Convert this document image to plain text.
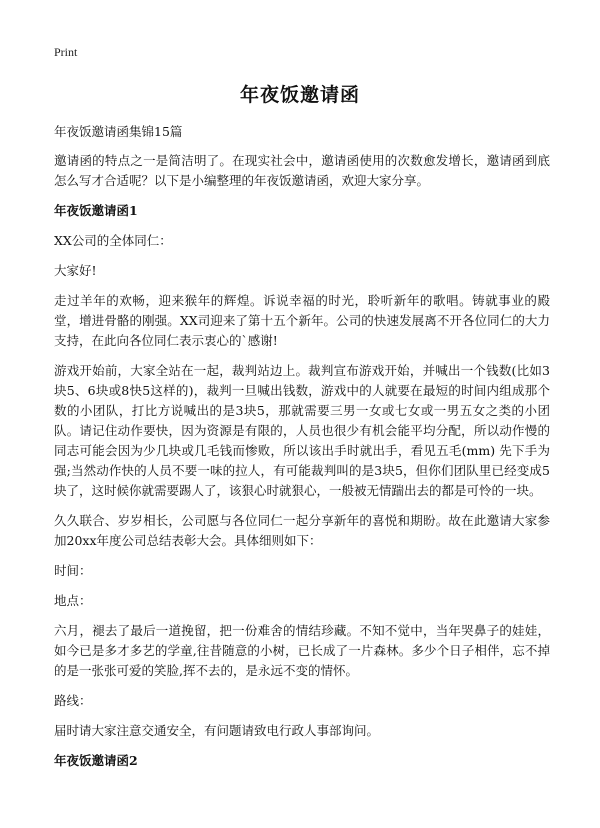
Print
年夜饭邀请函

年夜饭邀请函集锦15篇

邀请函的特点之一是简洁明了。在现实社会中，邀请函使用的次数愈发增长，邀请函到底怎么写才合适呢？以下是小编整理的年夜饭邀请函，欢迎大家分享。

年夜饭邀请函1

XX公司的全体同仁：

大家好!

走过羊年的欢畅，迎来猴年的辉煌。诉说幸福的时光，聆听新年的歌唱。铸就事业的殿堂，增进骨骼的刚强。XX司迎来了第十五个新年。公司的快速发展离不开各位同仁的大力支持，在此向各位同仁表示衷心的`感谢!

游戏开始前，大家全站在一起，裁判站边上。裁判宣布游戏开始，并喊出一个钱数(比如3块5、6块或8快5这样的)，裁判一旦喊出钱数，游戏中的人就要在最短的时间内组成那个数的小团队，打比方说喊出的是3块5，那就需要三男一女或七女或一男五女之类的小团队。请记住动作要快，因为资源是有限的，人员也很少有机会能平均分配，所以动作慢的同志可能会因为少几块或几毛钱而惨败，所以该出手时就出手，看见五毛(mm) 先下手为强;当然动作快的人员不要一味的拉人，有可能裁判叫的是3块5，但你们团队里已经变成5块了，这时候你就需要踢人了，该狠心时就狠心，一般被无情踹出去的都是可怜的一块。

久久联合、岁岁相长，公司愿与各位同仁一起分享新年的喜悦和期盼。故在此邀请大家参加20xx年度公司总结表彰大会。具体细则如下：

时间：

地点：

六月，褪去了最后一道挽留，把一份难舍的情结珍藏。不知不觉中，当年哭鼻子的娃娃，如今已是多才多艺的学童,往昔随意的小树，已长成了一片森林。多少个日子相伴，忘不掉的是一张张可爱的笑脸,挥不去的，是永远不变的情怀。

路线：

届时请大家注意交通安全，有问题请致电行政人事部询问。

年夜饭邀请函2
